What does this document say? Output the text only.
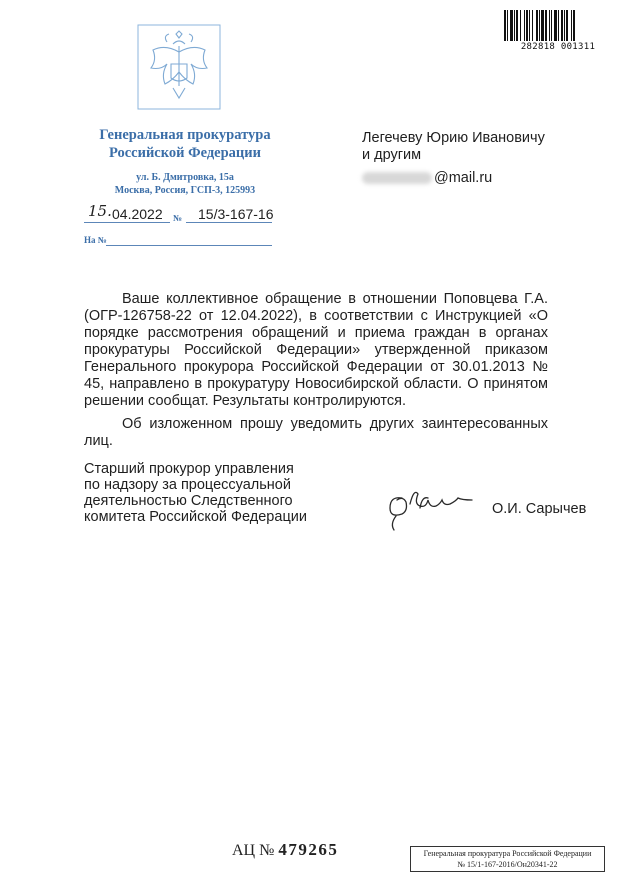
282818 001311
Генеральная прокуратура
Российской Федерации
ул. Б. Дмитровка, 15а
Москва, Россия, ГСП-3, 125993
15. 04.2022 № 15/3-167-16
На №
Легечеву Юрию Ивановичу
и другим
@mail.ru

Ваше коллективное обращение в отношении Поповцева Г.А. (ОГР-126758-22 от 12.04.2022), в соответствии с Инструкцией «О порядке рассмотрения обращений и приема граждан в органах прокуратуры Российской Федерации» утвержденной приказом Генерального прокурора Российской Федерации от 30.01.2013 № 45, направлено в прокуратуру Новосибирской области. О принятом решении сообщат. Результаты контролируются.

Об изложенном прошу уведомить других заинтересованных лиц.

Старший прокурор управления
по надзору за процессуальной
деятельностью Следственного
комитета Российской Федерации	О.И. Сарычев
АЦ № 479265	Генеральная прокуратура Российской Федерации
№ 15/1-167-2016/Он20341-22
